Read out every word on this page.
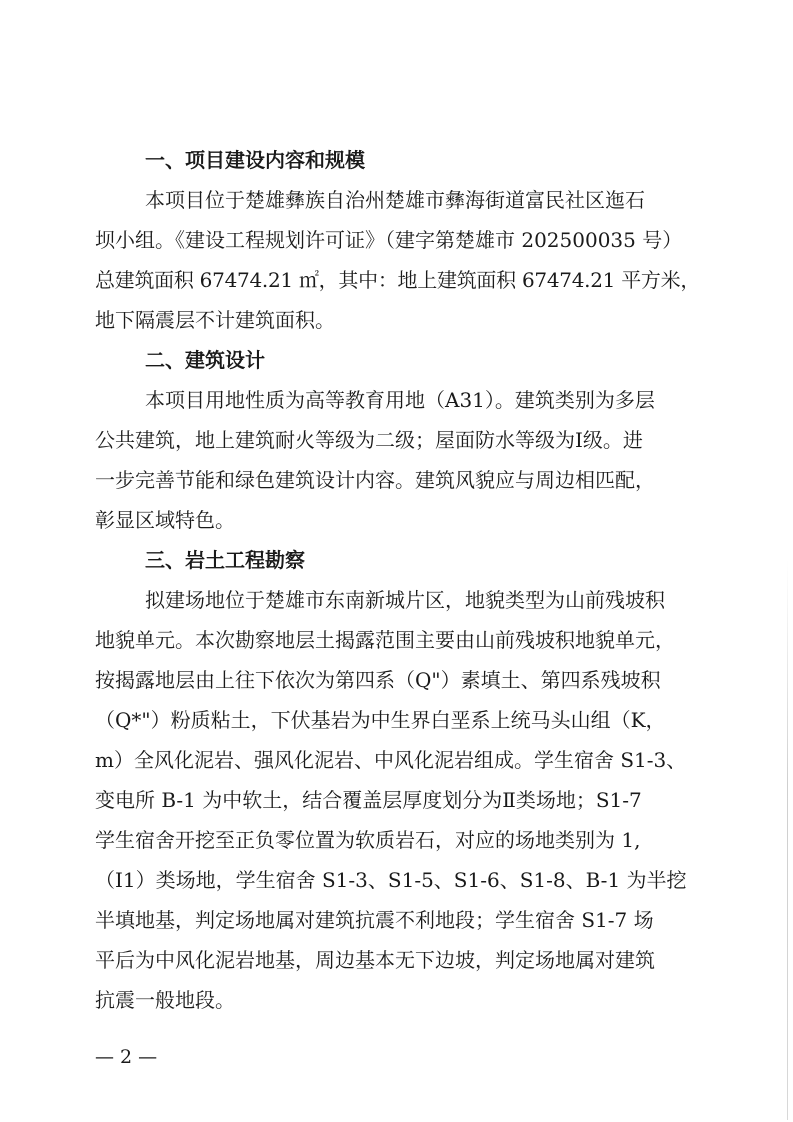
一、项目建设内容和规模
本项目位于楚雄彝族自治州楚雄市彝海街道富民社区迤石
坝小组。《建设工程规划许可证》（建字第楚雄市 202500035 号）
总建筑面积 67474.21 ㎡，其中：地上建筑面积 67474.21 平方米，
地下隔震层不计建筑面积。
二、建筑设计
本项目用地性质为高等教育用地（A31）。建筑类别为多层
公共建筑，地上建筑耐火等级为二级；屋面防水等级为Ⅰ级。进
一步完善节能和绿色建筑设计内容。建筑风貌应与周边相匹配，
彰显区域特色。
三、岩土工程勘察
拟建场地位于楚雄市东南新城片区，地貌类型为山前残坡积
地貌单元。本次勘察地层土揭露范围主要由山前残坡积地貌单元，
按揭露地层由上往下依次为第四系（Q"）素填土、第四系残坡积
（Q*"）粉质粘土，下伏基岩为中生界白垩系上统马头山组（K，
m）全风化泥岩、强风化泥岩、中风化泥岩组成。学生宿舍 S1-3、
变电所 B-1 为中软土，结合覆盖层厚度划分为Ⅱ类场地；S1-7
学生宿舍开挖至正负零位置为软质岩石，对应的场地类别为 1,
（I1）类场地，学生宿舍 S1-3、S1-5、S1-6、S1-8、B-1 为半挖
半填地基，判定场地属对建筑抗震不利地段；学生宿舍 S1-7 场
平后为中风化泥岩地基，周边基本无下边坡，判定场地属对建筑
抗震一般地段。
— 2 —
